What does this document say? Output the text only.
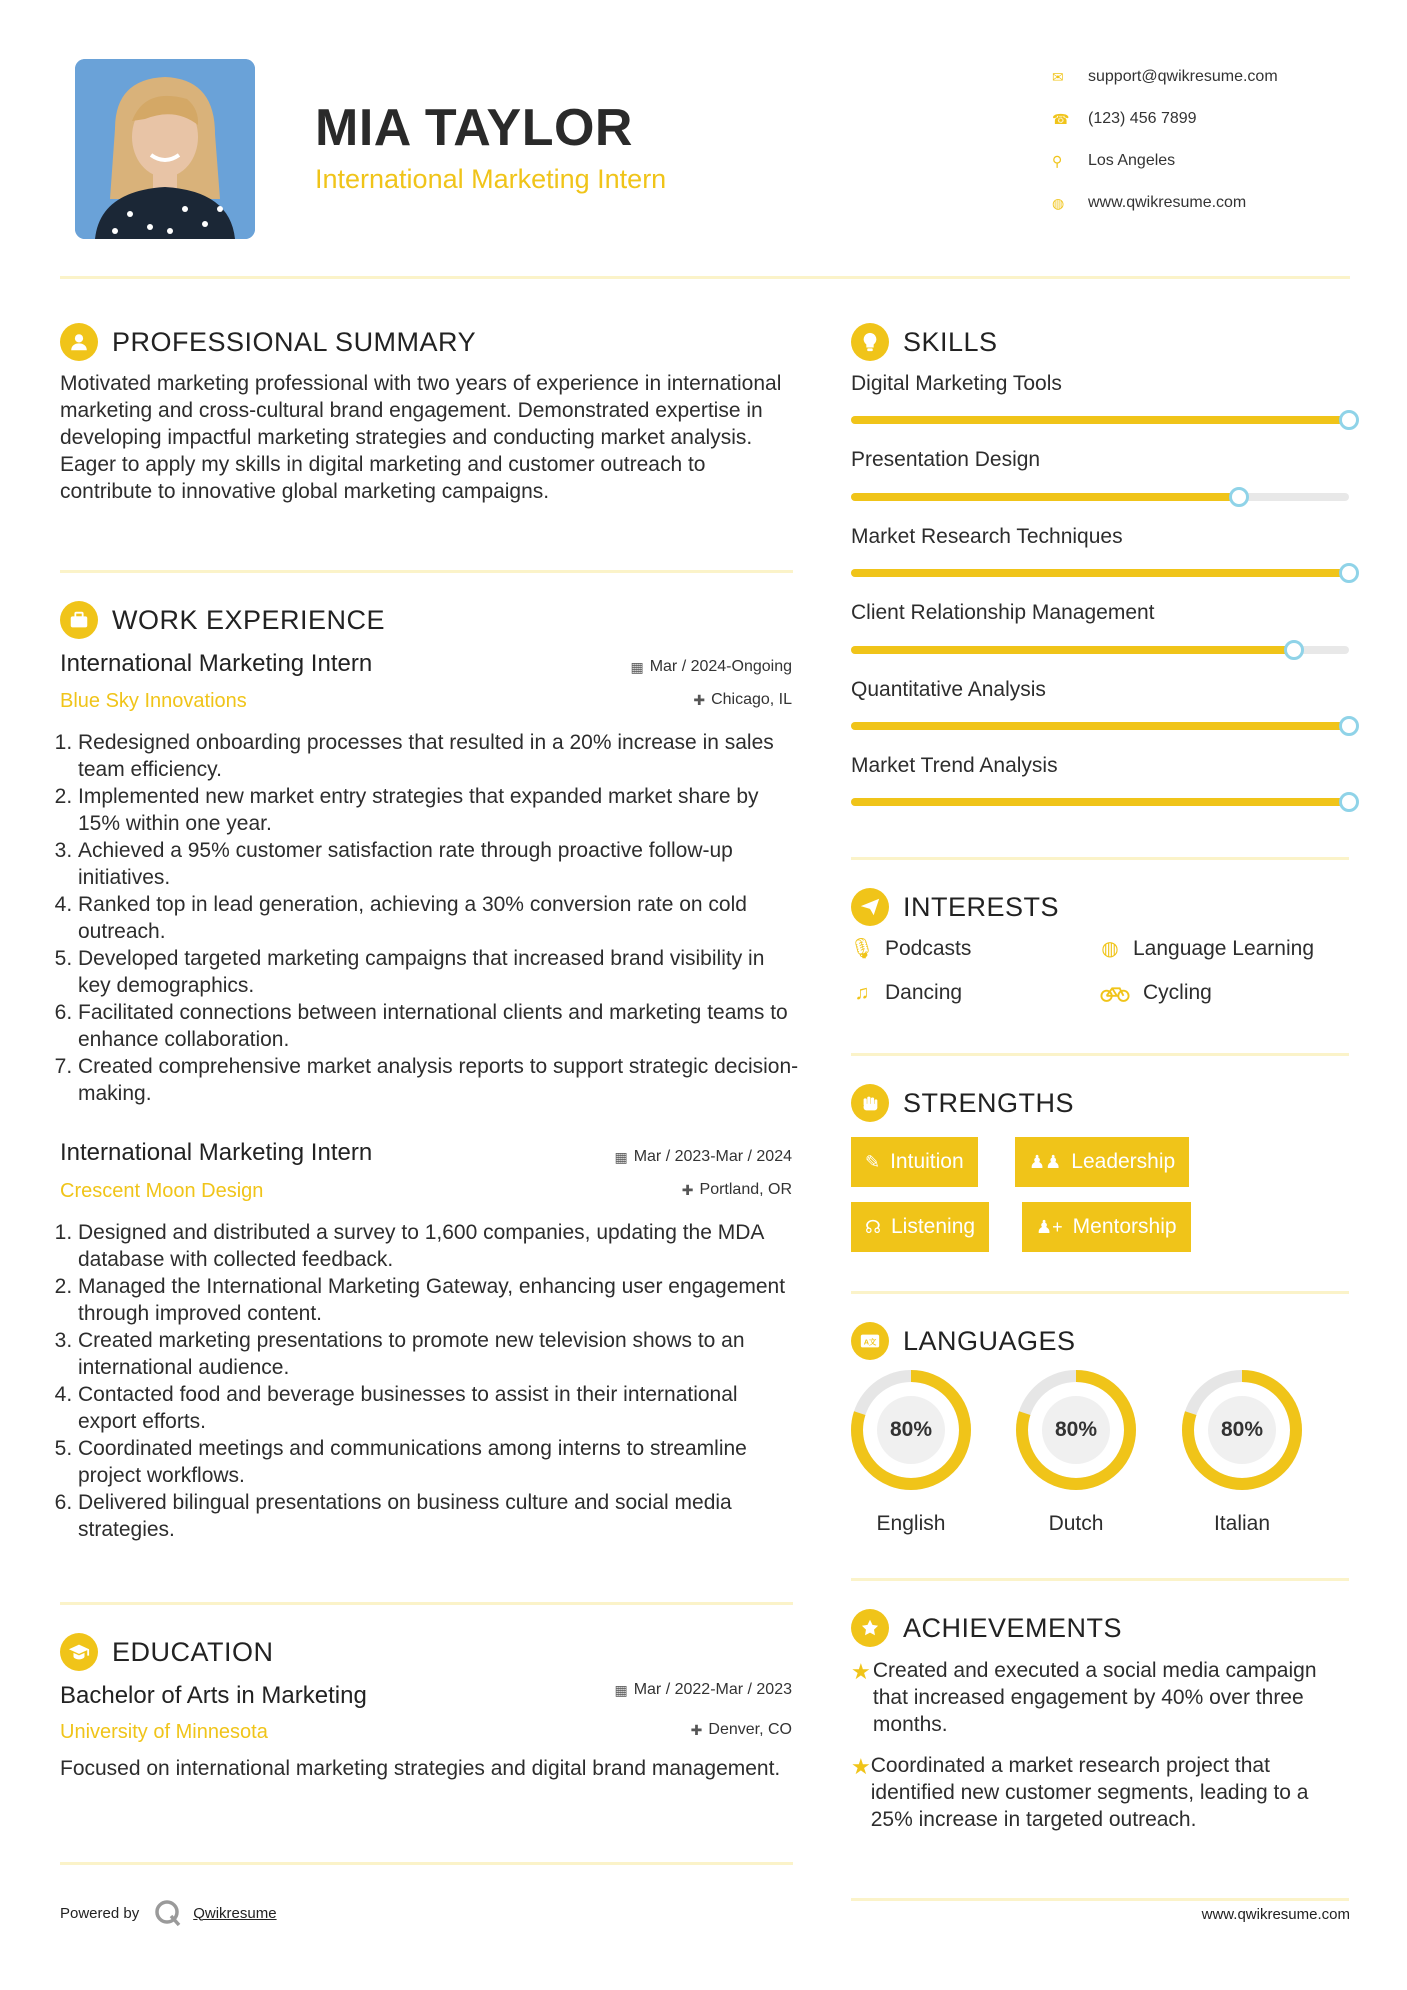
MIA TAYLOR
International Marketing Intern
✉	support@qwikresume.com
☎	(123) 456 7899
⚲	Los Angeles
◍	www.qwikresume.com
PROFESSIONAL SUMMARY
Motivated marketing professional with two years of experience in international marketing and cross-cultural brand engagement. Demonstrated expertise in developing impactful marketing strategies and conducting market analysis. Eager to apply my skills in digital marketing and customer outreach to contribute to innovative global marketing campaigns.
WORK EXPERIENCE
International Marketing Intern	▦ Mar / 2024-Ongoing
Blue Sky Innovations	✚ Chicago, IL
1. Redesigned onboarding processes that resulted in a 20% increase in sales team efficiency.
2. Implemented new market entry strategies that expanded market share by 15% within one year.
3. Achieved a 95% customer satisfaction rate through proactive follow-up initiatives.
4. Ranked top in lead generation, achieving a 30% conversion rate on cold outreach.
5. Developed targeted marketing campaigns that increased brand visibility in key demographics.
6. Facilitated connections between international clients and marketing teams to enhance collaboration.
7. Created comprehensive market analysis reports to support strategic decision-making.
International Marketing Intern	▦ Mar / 2023-Mar / 2024
Crescent Moon Design	✚ Portland, OR
1. Designed and distributed a survey to 1,600 companies, updating the MDA database with collected feedback.
2. Managed the International Marketing Gateway, enhancing user engagement through improved content.
3. Created marketing presentations to promote new television shows to an international audience.
4. Contacted food and beverage businesses to assist in their international export efforts.
5. Coordinated meetings and communications among interns to streamline project workflows.
6. Delivered bilingual presentations on business culture and social media strategies.
EDUCATION
Bachelor of Arts in Marketing	▦ Mar / 2022-Mar / 2023
University of Minnesota	✚ Denver, CO
Focused on international marketing strategies and digital brand management.
SKILLS
Digital Marketing Tools
Presentation Design
Market Research Techniques
Client Relationship Management
Quantitative Analysis
Market Trend Analysis
INTERESTS
🎙︎ Podcasts	◍ Language Learning
♫ Dancing	Cycling
STRENGTHS
✎ Intuition	♟♟ Leadership
☊ Listening	♟+ Mentorship
A文 LANGUAGES
80%
English
80%
Dutch
80%
Italian
ACHIEVEMENTS
★ Created and executed a social media campaign that increased engagement by 40% over three months.
★ Coordinated a market research project that identified new customer segments, leading to a 25% increase in targeted outreach.
Powered by	Qwikresume	www.qwikresume.com
